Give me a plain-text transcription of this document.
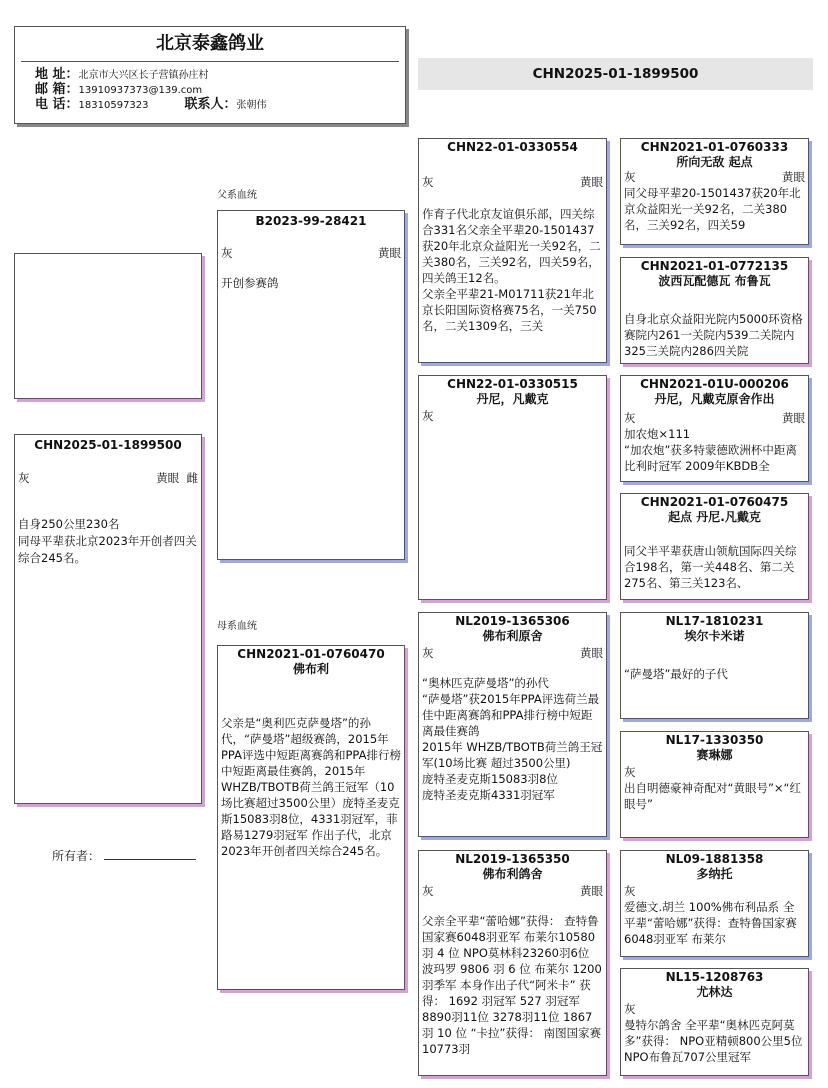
北京泰鑫鸽业
地 址：北京市大兴区长子营镇孙庄村
邮 箱：13910937373@139.com
电 话：18310597323	联系人：张朝伟
CHN2025-01-1899500
CHN2025-01-1899500
灰	黄眼 雌
自身250公里230名
同母平辈获北京2023年开创者四关综合245名。
所有者：
父系血统
母系血统
B2023-99-28421
灰	黄眼
开创参赛鸽
CHN2021-01-0760470
佛布利
父亲是“奥利匹克萨曼塔”的孙代，“萨曼塔”超级赛鸽，2015年PPA评选中短距离赛鸽和PPA排行榜中短距离最佳赛鸽，2015年WHZB/TBOTB荷兰鸽王冠军（10场比赛超过3500公里）庞特圣麦克斯15083羽8位，4331羽冠军，菲路易1279羽冠军 作出子代，北京2023年开创者四关综合245名。
CHN22-01-0330554
灰	黄眼
作育子代北京友谊俱乐部，四关综合331名父亲全平辈20-1501437获20年北京众益阳光一关92名，二关380名，三关92名，四关59名，四关鸽王12名。
父亲全平辈21-M01711获21年北京长阳国际资格赛75名，一关750名，二关1309名，三关
CHN22-01-0330515
丹尼，凡戴克
灰
NL2019-1365306
佛布利原舍
灰	黄眼
“奥林匹克萨曼塔”的孙代
“萨曼塔”获2015年PPA评选荷兰最佳中距离赛鸽和PPA排行榜中短距离最佳赛鸽
2015年 WHZB/TBOTB荷兰鸽王冠军(10场比赛 超过3500公里)
庞特圣麦克斯15083羽8位
庞特圣麦克斯4331羽冠军
NL2019-1365350
佛布利鸽舍
灰	黄眼
父亲全平辈“蕾哈娜”获得： 查特鲁国家赛6048羽亚军 布莱尔10580 羽 4 位 NPO莫林科23260羽6位 波玛罗 9806 羽 6 位 布莱尔 1200 羽季军 本身作出子代“阿米卡” 获得： 1692 羽冠军 527 羽冠军 8890羽11位 3278羽11位 1867 羽 10 位 “卡拉”获得： 南图国家赛10773羽
CHN2021-01-0760333
所向无敌 起点
灰	黄眼
同父母平辈20-1501437获20年北京众益阳光一关92名，二关380名，三关92名，四关59
CHN2021-01-0772135
波西瓦配德瓦 布鲁瓦
自身北京众益阳光院内5000环资格赛院内261一关院内539二关院内325三关院内286四关院
CHN2021-01U-000206
丹尼，凡戴克原舍作出
灰	黄眼
加农炮×111
“加农炮”获多特蒙德欧洲杯中距离比利时冠军 2009年KBDB全
CHN2021-01-0760475
起点 丹尼.凡戴克
同父半平辈获唐山领航国际四关综合198名，第一关448名、第二关275名、第三关123名、
NL17-1810231
埃尔卡米诺
“萨曼塔”最好的子代
NL17-1330350
赛琳娜
灰
出自明德豪神奇配对“黄眼号”×“红眼号”
NL09-1881358
多纳托
灰
爱德文.胡兰 100%佛布利品系 全平辈“蕾哈娜”获得：查特鲁国家赛6048羽亚军 布莱尔
NL15-1208763
尤林达
灰
曼特尔鸽舍 全平辈“奥林匹克阿莫多”获得： NPO亚精顿800公里5位 NPO布鲁瓦707公里冠军
